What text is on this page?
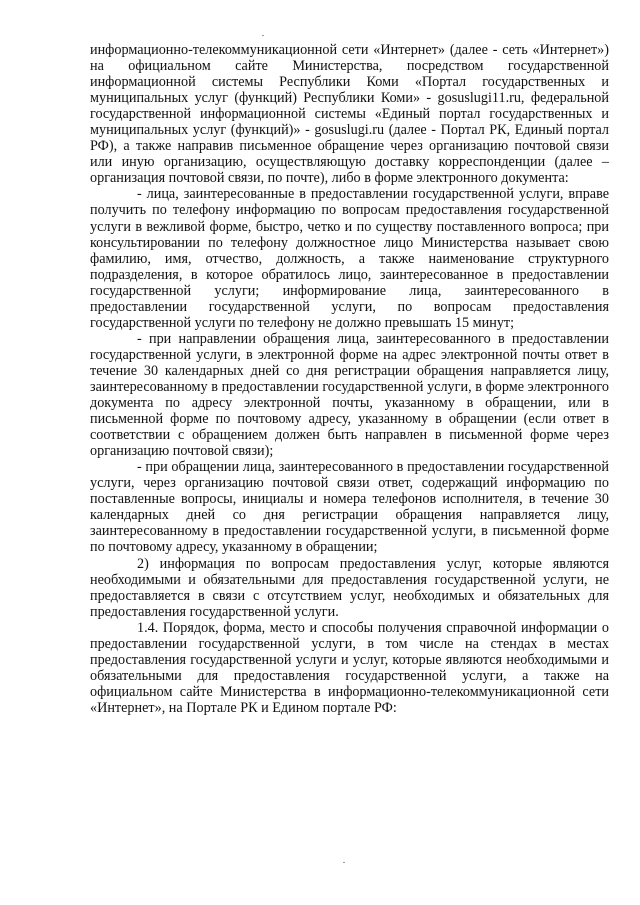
информационно-телекоммуникационной сети «Интернет» (далее - сеть «Интернет») на официальном сайте Министерства, посредством государственной информационной системы Республики Коми «Портал государственных и муниципальных услуг (функций) Республики Коми» - gosuslugi11.ru, федеральной государственной информационной системы «Единый портал государственных и муниципальных услуг (функций)» - gosuslugi.ru (далее - Портал РК, Единый портал РФ), а также направив письменное обращение через организацию почтовой связи или иную организацию, осуществляющую доставку корреспонденции (далее – организация почтовой связи, по почте), либо в форме электронного документа:

- лица, заинтересованные в предоставлении государственной услуги, вправе получить по телефону информацию по вопросам предоставления государственной услуги в вежливой форме, быстро, четко и по существу поставленного вопроса; при консультировании по телефону должностное лицо Министерства называет свою фамилию, имя, отчество, должность, а также наименование структурного подразделения, в которое обратилось лицо, заинтересованное в предоставлении государственной услуги; информирование лица, заинтересованного в предоставлении государственной услуги, по вопросам предоставления государственной услуги по телефону не должно превышать 15 минут;

- при направлении обращения лица, заинтересованного в предоставлении государственной услуги, в электронной форме на адрес электронной почты ответ в течение 30 календарных дней со дня регистрации обращения направляется лицу, заинтересованному в предоставлении государственной услуги, в форме электронного документа по адресу электронной почты, указанному в обращении, или в письменной форме по почтовому адресу, указанному в обращении (если ответ в соответствии с обращением должен быть направлен в письменной форме через организацию почтовой связи);

- при обращении лица, заинтересованного в предоставлении государственной услуги, через организацию почтовой связи ответ, содержащий информацию по поставленные вопросы, инициалы и номера телефонов исполнителя, в течение 30 календарных дней со дня регистрации обращения направляется лицу, заинтересованному в предоставлении государственной услуги, в письменной форме по почтовому адресу, указанному в обращении;

2) информация по вопросам предоставления услуг, которые являются необходимыми и обязательными для предоставления государственной услуги, не предоставляется в связи с отсутствием услуг, необходимых и обязательных для предоставления государственной услуги.

1.4. Порядок, форма, место и способы получения справочной информации о предоставлении государственной услуги, в том числе на стендах в местах предоставления государственной услуги и услуг, которые являются необходимыми и обязательными для предоставления государственной услуги, а также на официальном сайте Министерства в информационно-телекоммуникационной сети «Интернет», на Портале РК и Едином портале РФ:
